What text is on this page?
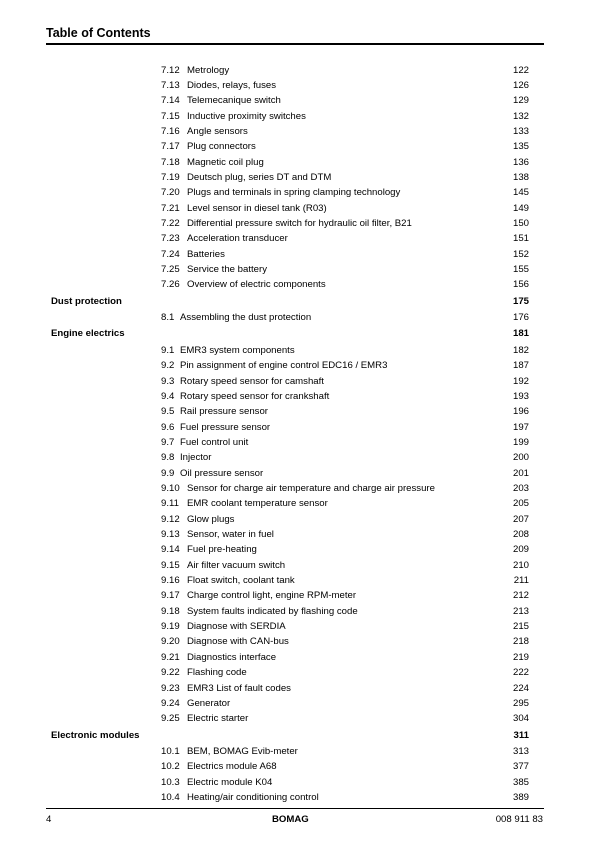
Table of Contents
7.12 Metrology	122
7.13 Diodes, relays, fuses	126
7.14 Telemecanique switch	129
7.15 Inductive proximity switches	132
7.16 Angle sensors	133
7.17 Plug connectors	135
7.18 Magnetic coil plug	136
7.19 Deutsch plug, series DT and DTM	138
7.20 Plugs and terminals in spring clamping technology	145
7.21 Level sensor in diesel tank (R03)	149
7.22 Differential pressure switch for hydraulic oil filter, B21	150
7.23 Acceleration transducer	151
7.24 Batteries	152
7.25 Service the battery	155
7.26 Overview of electric components	156
Dust protection	175
8.1 Assembling the dust protection	176
Engine electrics	181
9.1 EMR3 system components	182
9.2 Pin assignment of engine control EDC16 / EMR3	187
9.3 Rotary speed sensor for camshaft	192
9.4 Rotary speed sensor for crankshaft	193
9.5 Rail pressure sensor	196
9.6 Fuel pressure sensor	197
9.7 Fuel control unit	199
9.8 Injector	200
9.9 Oil pressure sensor	201
9.10 Sensor for charge air temperature and charge air pressure	203
9.11 EMR coolant temperature sensor	205
9.12 Glow plugs	207
9.13 Sensor, water in fuel	208
9.14 Fuel pre-heating	209
9.15 Air filter vacuum switch	210
9.16 Float switch, coolant tank	211
9.17 Charge control light, engine RPM-meter	212
9.18 System faults indicated by flashing code	213
9.19 Diagnose with SERDIA	215
9.20 Diagnose with CAN-bus	218
9.21 Diagnostics interface	219
9.22 Flashing code	222
9.23 EMR3 List of fault codes	224
9.24 Generator	295
9.25 Electric starter	304
Electronic modules	311
10.1 BEM, BOMAG Evib-meter	313
10.2 Electrics module A68	377
10.3 Electric module K04	385
10.4 Heating/air conditioning control	389
4	BOMAG	008 911 83
